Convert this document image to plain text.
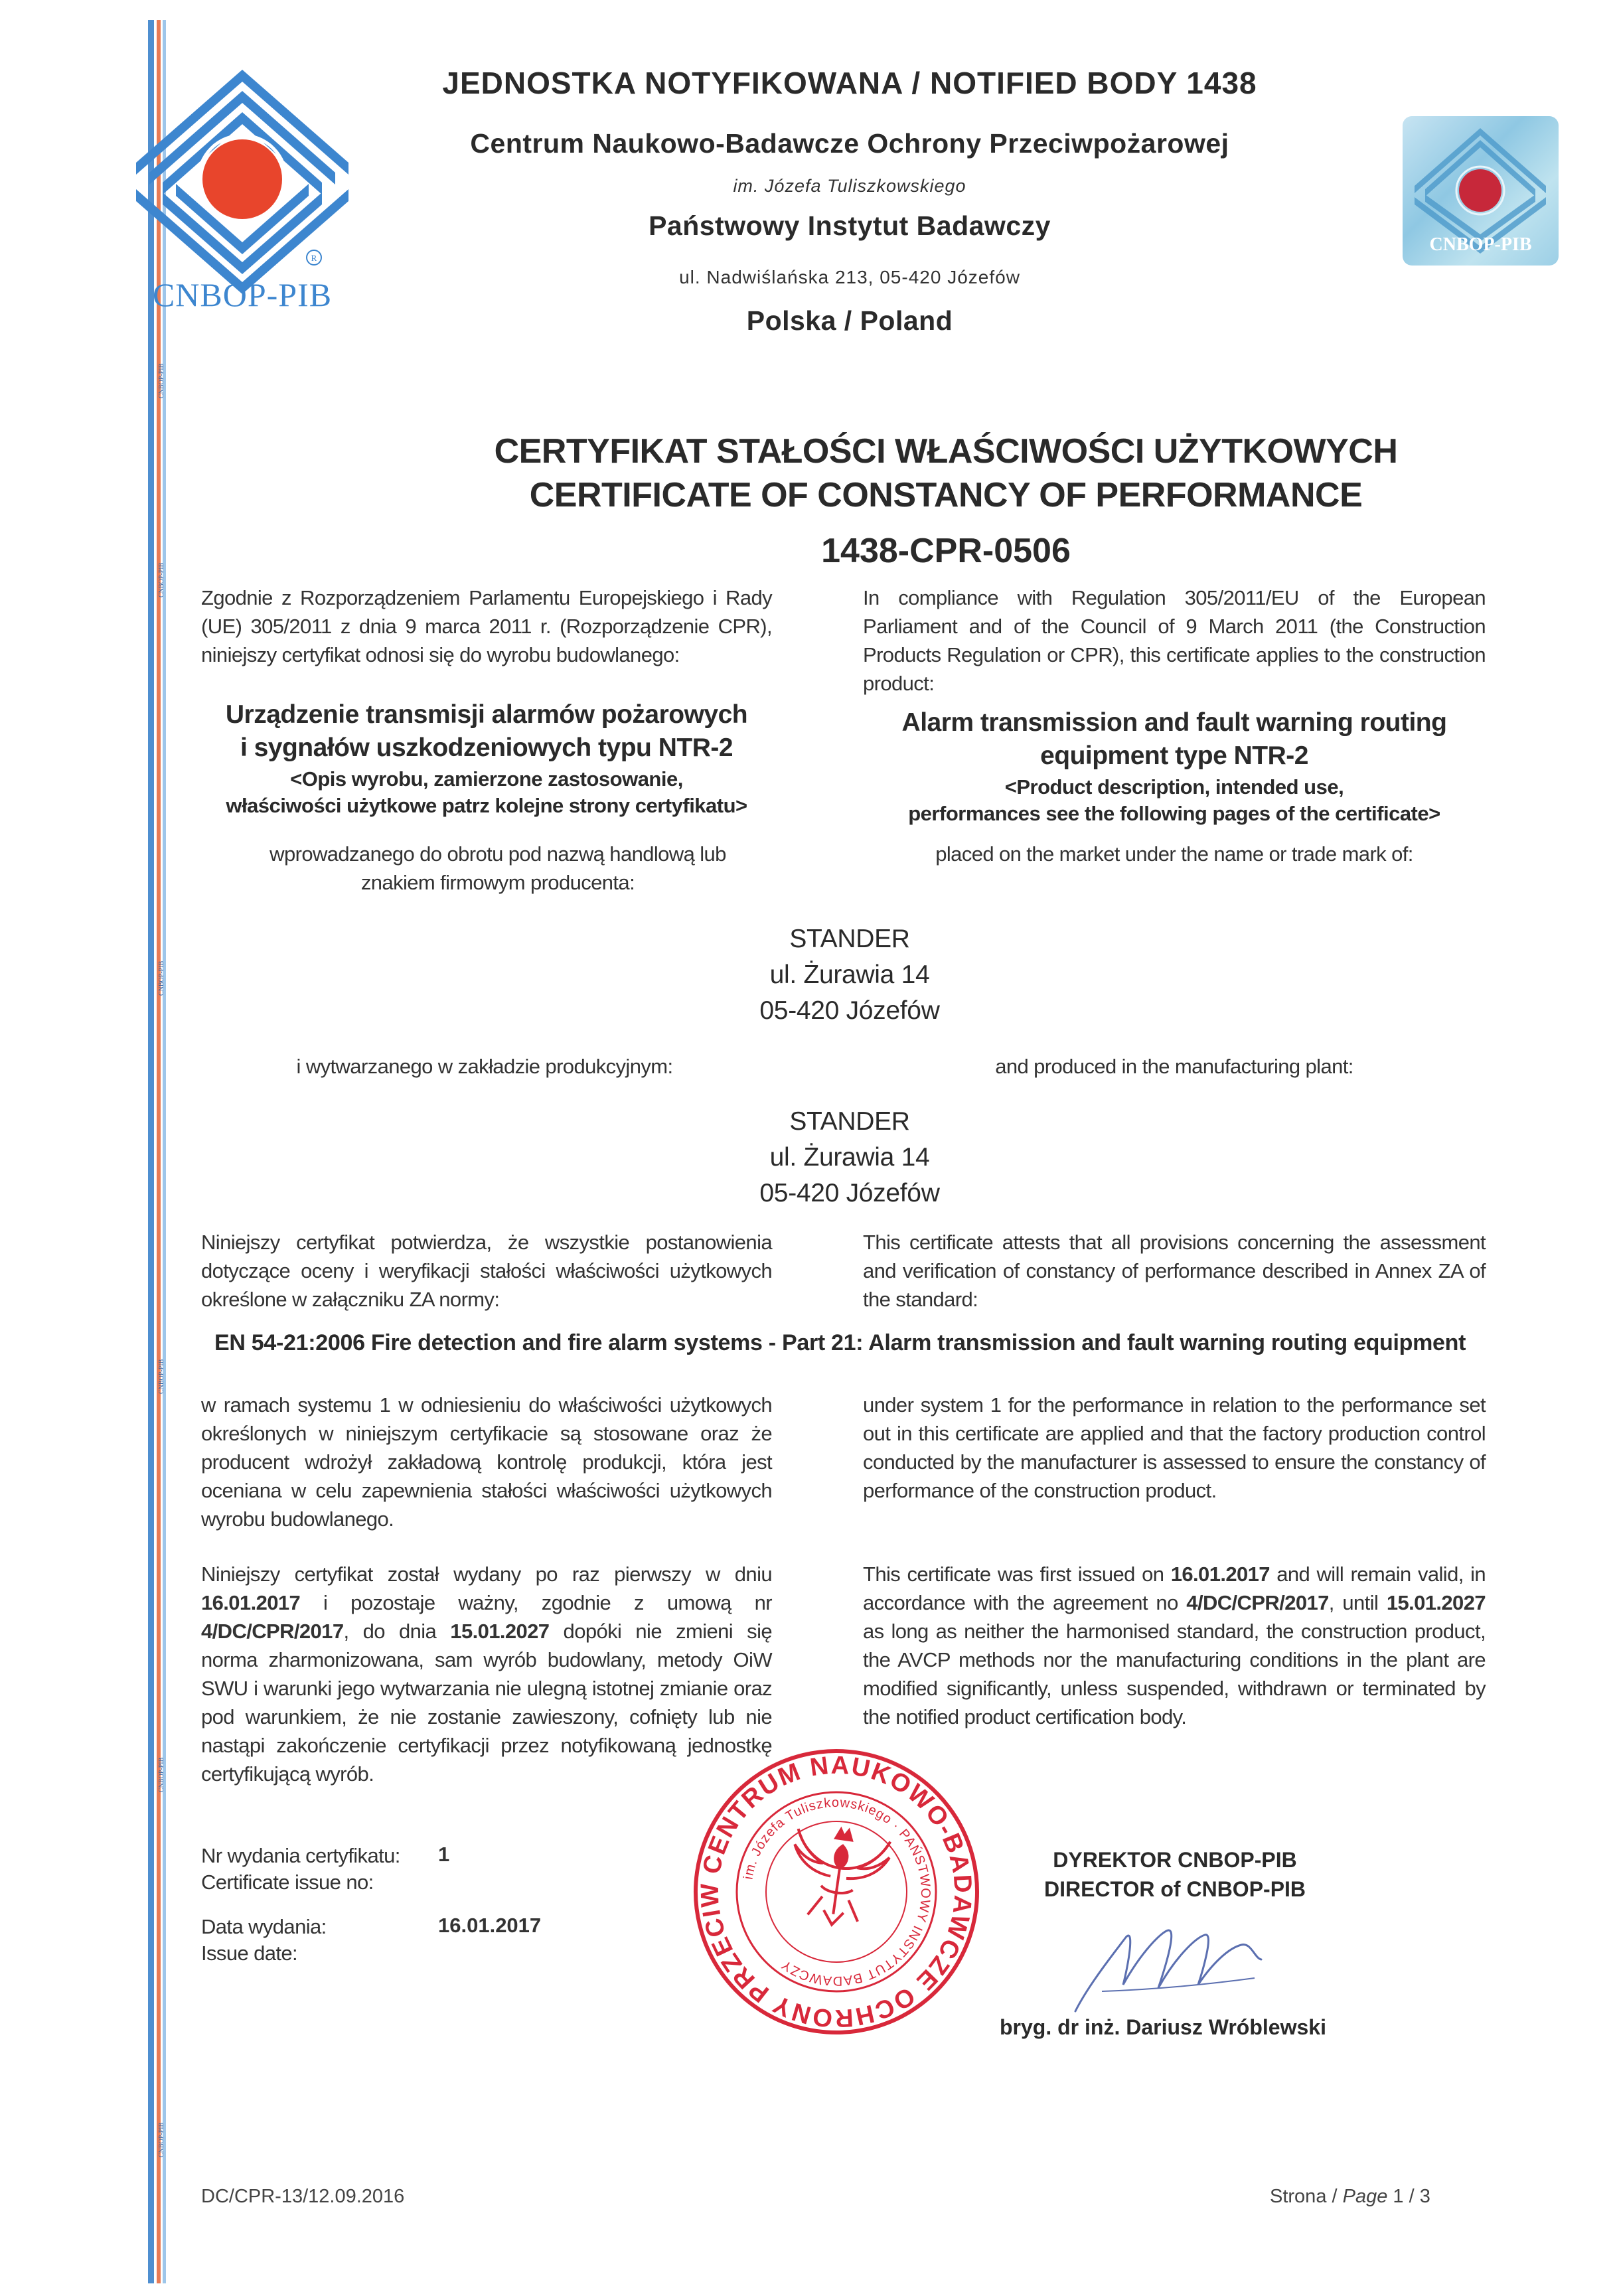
CNBOP-PIB
CNBOP-PIB
CNBOP-PIB
CNBOP-PIB
CNBOP-PIB
CNBOP-PIB
R
CNBOP-PIB
CNBOP-PIB
JEDNOSTKA NOTYFIKOWANA / NOTIFIED BODY 1438
Centrum Naukowo-Badawcze Ochrony Przeciwpożarowej
im. Józefa Tuliszkowskiego
Państwowy Instytut Badawczy
ul. Nadwiślańska 213, 05-420 Józefów
Polska / Poland
CERTYFIKAT STAŁOŚCI WŁAŚCIWOŚCI UŻYTKOWYCH
CERTIFICATE OF CONSTANCY OF PERFORMANCE
1438-CPR-0506
Zgodnie z Rozporządzeniem Parlamentu Europejskiego i Rady (UE) 305/2011 z dnia 9 marca 2011 r. (Rozporządzenie CPR), niniejszy certyfikat odnosi się do wyrobu budowlanego:
In compliance with Regulation 305/2011/EU of the European Parliament and of the Council of 9 March 2011 (the Construction Products Regulation or CPR), this certificate applies to the construction product:
Urządzenie transmisji alarmów pożarowych
i sygnałów uszkodzeniowych typu NTR-2
<Opis wyrobu, zamierzone zastosowanie,
właściwości użytkowe patrz kolejne strony certyfikatu>
Alarm transmission and fault warning routing
equipment type NTR-2
<Product description, intended use,
performances see the following pages of the certificate>
wprowadzanego do obrotu pod nazwą handlową lub znakiem firmowym producenta:
placed on the market under the name or trade mark of:
STANDER
ul. Żurawia 14
05-420 Józefów
i wytwarzanego w zakładzie produkcyjnym:	and produced in the manufacturing plant:
STANDER
ul. Żurawia 14
05-420 Józefów
Niniejszy certyfikat potwierdza, że wszystkie postanowienia dotyczące oceny i weryfikacji stałości właściwości użytkowych określone w załączniku ZA normy:
This certificate attests that all provisions concerning the assessment and verification of constancy of performance described in Annex ZA of the standard:
EN 54-21:2006 Fire detection and fire alarm systems - Part 21: Alarm transmission and fault warning routing equipment
w ramach systemu 1 w odniesieniu do właściwości użytkowych określonych w niniejszym certyfikacie są stosowane oraz że producent wdrożył zakładową kontrolę produkcji, która jest oceniana w celu zapewnienia stałości właściwości użytkowych wyrobu budowlanego.
under system 1 for the performance in relation to the performance set out in this certificate are applied and that the factory production control conducted by the manufacturer is assessed to ensure the constancy of performance of the construction product.
Niniejszy certyfikat został wydany po raz pierwszy w dniu 16.01.2017 i pozostaje ważny, zgodnie z umową nr 4/DC/CPR/2017, do dnia 15.01.2027 dopóki nie zmieni się norma zharmonizowana, sam wyrób budowlany, metody OiW SWU i warunki jego wytwarzania nie ulegną istotnej zmianie oraz pod warunkiem, że nie zostanie zawieszony, cofnięty lub nie nastąpi zakończenie certyfikacji przez notyfikowaną jednostkę certyfikującą wyrób.
This certificate was first issued on 16.01.2017 and will remain valid, in accordance with the agreement no 4/DC/CPR/2017, until 15.01.2027 as long as neither the harmonised standard, the construction product, the AVCP methods nor the manufacturing conditions in the plant are modified significantly, unless suspended, withdrawn or terminated by the notified product certification body.
Nr wydania certyfikatu:
Certificate issue no:
1
Data wydania:
Issue date:
16.01.2017
CENTRUM NAUKOWO-BADAWCZE OCHRONY PRZECIWPOŻAROWEJ
im. Józefa Tuliszkowskiego · PAŃSTWOWY INSTYTUT BADAWCZY
DYREKTOR CNBOP-PIB
DIRECTOR of CNBOP-PIB
bryg. dr inż. Dariusz Wróblewski
DC/CPR-13/12.09.2016	Strona / Page 1 / 3
